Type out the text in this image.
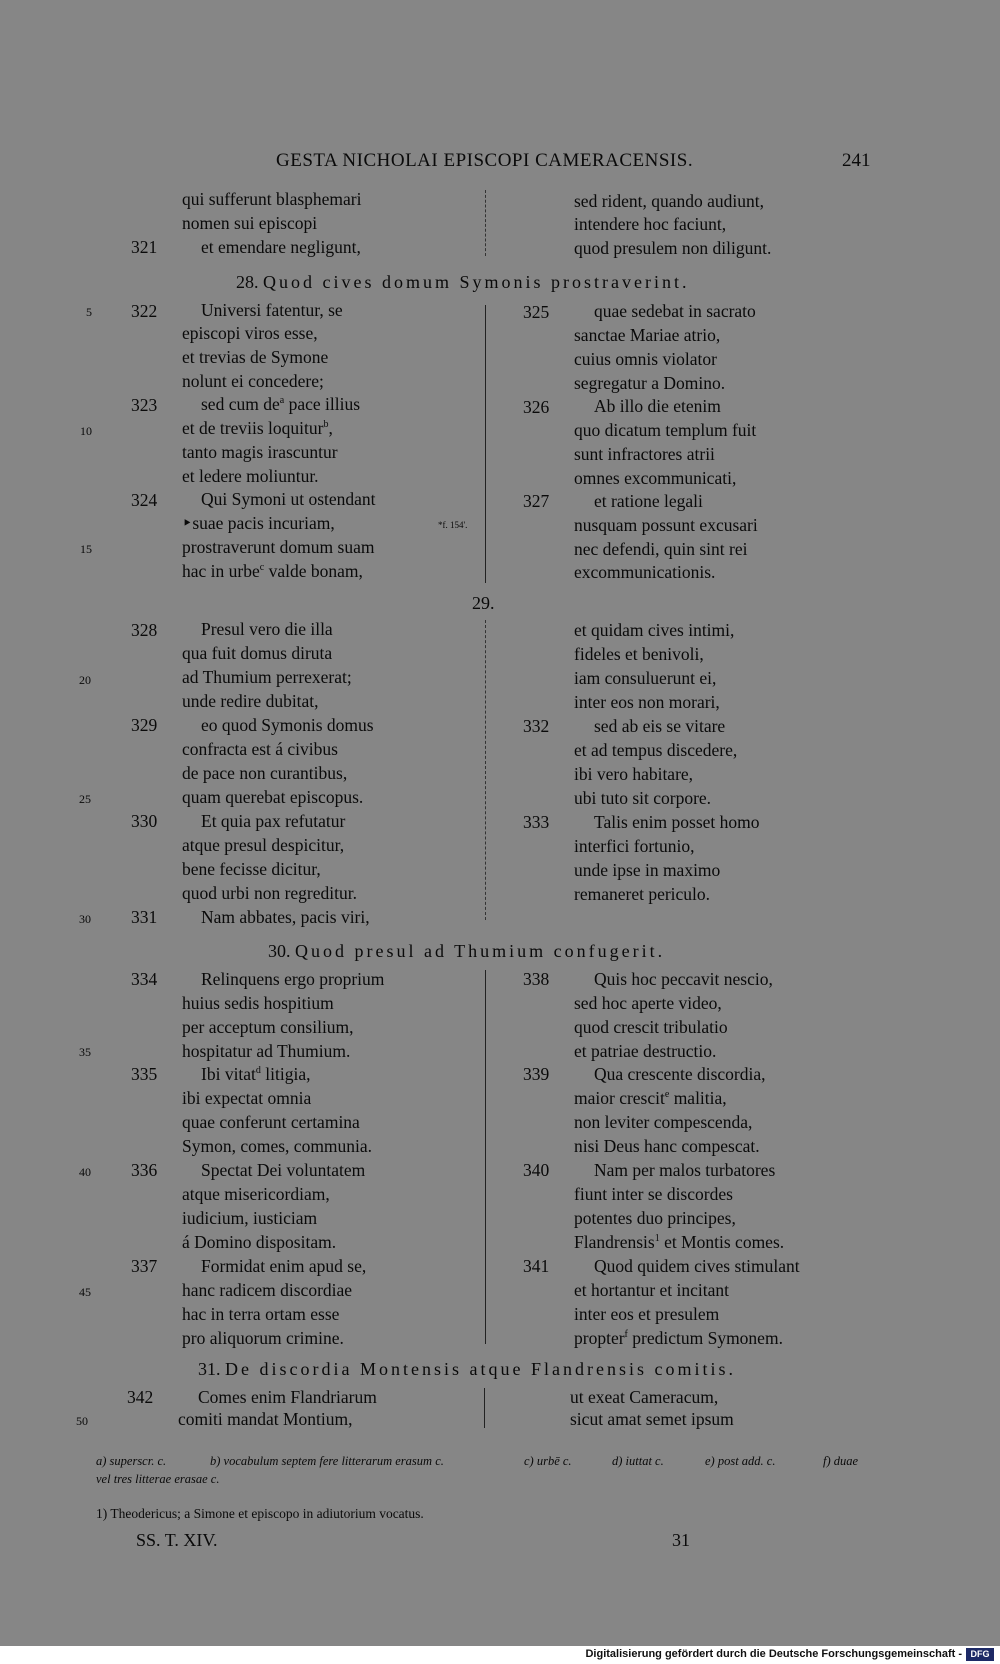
GESTA NICHOLAI EPISCOPI CAMERACENSIS.	241
qui sufferunt blasphemari
nomen sui episcopi
321	et emendare negligunt,
sed rident, quando audiunt,
intendere hoc faciunt,
quod presulem non diligunt.
28. Quod cives domum Symonis prostraverint.
5 322	Universi fatentur, se
episcopi viros esse,
et trevias de Symone
nolunt ei concedere;
323	sed cum $de^a$ pace illius
10	et de treviis loquitur$^b$,
tanto magis irascuntur
et ledere moliuntur.
324	Qui Symoni ut ostendant
‣suae pacis incuriam,	*f. 154'.
15	prostraverunt domum suam
hac in urbe$^c$ valde bonam,
325	quae sedebat in sacrato
sanctae Mariae atrio,
cuius omnis violator
segregatur a Domino.
326	Ab illo die etenim
quo dicatum templum fuit
sunt infractores atrii
omnes excommunicati,
327	et ratione legali
nusquam possunt excusari
nec defendi, quin sint rei
excommunicationis.
29.
328	Presul vero die illa
qua fuit domus diruta
20	ad Thumium perrexerat;
unde redire dubitat,
329	eo quod Symonis domus
confracta est á civibus
de pace non curantibus,
25	quam querebat episcopus.
330	Et quia pax refutatur
atque presul despicitur,
bene fecisse dicitur,
quod urbi non regreditur.
30 331	Nam abbates, pacis viri,
et quidam cives intimi,
fideles et benivoli,
iam consuluerunt ei,
inter eos non morari,
332	sed ab eis se vitare
et ad tempus discedere,
ibi vero habitare,
ubi tuto sit corpore.
333	Talis enim posset homo
interfici fortunio,
unde ipse in maximo
remaneret periculo.
30. Quod presul ad Thumium confugerit.
334	Relinquens ergo proprium
huius sedis hospitium
per acceptum consilium,
35	hospitatur ad Thumium.
335	Ibi vitat$^d$ litigia,
ibi expectat omnia
quae conferunt certamina
Symon, comes, communia.
40 336	Spectat Dei voluntatem
atque misericordiam,
iudicium, iusticiam
á Domino dispositam.
337	Formidat enim apud se,
45	hanc radicem discordiae
hac in terra ortam esse
pro aliquorum crimine.
338	Quis hoc peccavit nescio,
sed hoc aperte video,
quod crescit tribulatio
et patriae destructio.
339	Qua crescente discordia,
maior crescit$^e$ malitia,
non leviter compescenda,
nisi Deus hanc compescat.
340	Nam per malos turbatores
fiunt inter se discordes
potentes duo principes,
Flandrensis$^1$ et Montis comes.
341	Quod quidem cives stimulant
et hortantur et incitant
inter eos et presulem
propter$^f$ predictum Symonem.
31. De discordia Montensis atque Flandrensis comitis.
342	Comes enim Flandriarum
50	comiti mandat Montium,
ut exeat Cameracum,
sicut amat semet ipsum
a) superscr. c.	b) vocabulum septem fere litterarum erasum c.	c) urbē c.	d) iuttat c.	e) post add. c.	f) duae
vel tres litterae erasae c.
1) Theodericus; a Simone et episcopo in adiutorium vocatus.
SS. T. XIV.	31
Digitalisierung gefördert durch die Deutsche Forschungsgemeinschaft - DFG
